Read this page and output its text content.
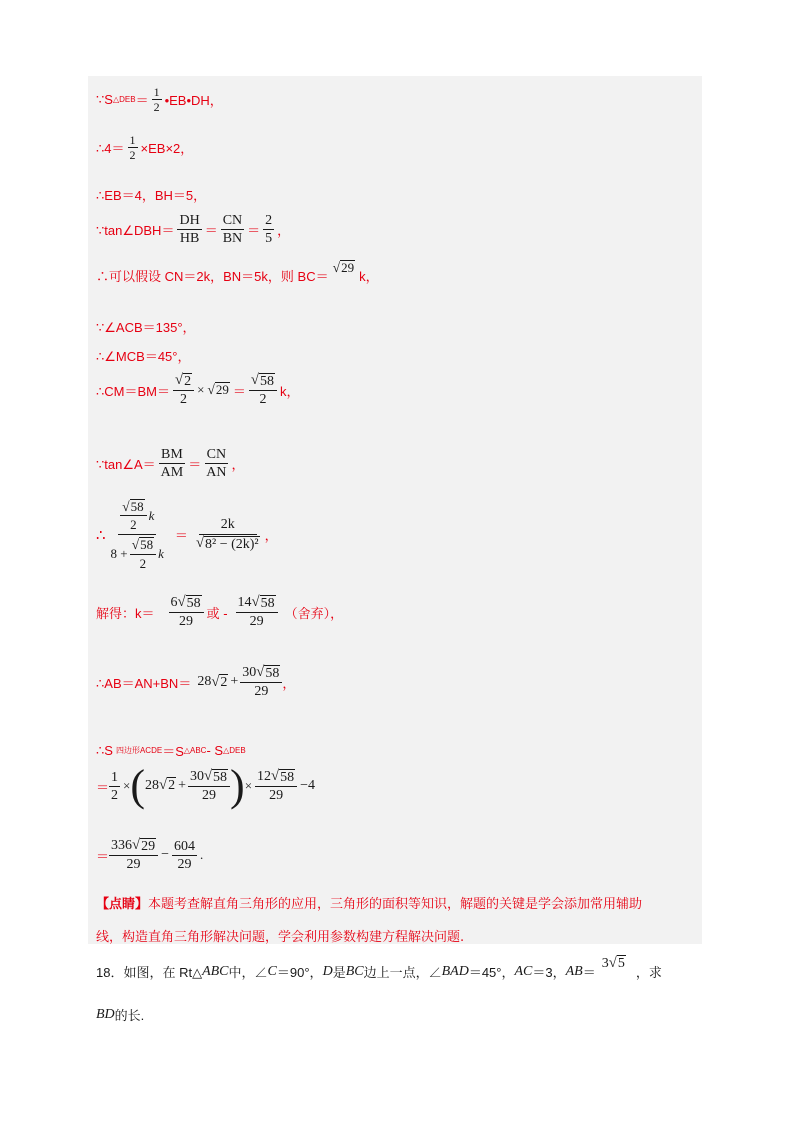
∵S △DEB ＝ $\frac{1}{2}$ •EB•DH，
∴4＝ $\frac{1}{2} \times EB\times 2$，
∴EB＝4，BH＝5，
∵tan∠DBH＝ $\frac{DH}{HB} = \frac{CN}{BN} = \frac{2}{5}$ ，
∴可以假设 CN＝2k，BN＝5k，则 BC＝
√ 29
k，
∵∠ACB＝135°，
∴∠MCB＝45°，
∴CM＝BM＝ $\frac{√ 2}{2}$ × √ $29 = \frac{√ 58}{2}$ k，
∵tan∠A＝ $\frac{BM}{AM} = \frac{CN}{AN}$ ，
∴ $\frac{\frac{√ 58}{2} k}{8 + \frac{√ 58}{2} k} = \frac{2k}{\text{√ 8² − (2k)²}}$ ，
解得：$k= \frac{6 √ 58}{29}$ 或 - $\frac{14 √ 58}{29}$ （舍弃），
∴AB＝AN+BN＝ 28 √ $2 + \frac{30 √ 58}{29}$ ，
∴S 四边形ACDE ＝S △ABC - S △DEB
＝ $\frac{1}{2}$ × ( 28 √ $2 + \frac{30 √ 58}{29}$ ) × $\frac{12 √ 58}{29} -4$
＝ $\frac{336 √ 29}{29} - \frac{604}{29}$ .
【点睛】 本题考查解直角三角形的应用，三角形的面积等知识，解题的关键是学会添加常用辅助
线，构造直角三角形解决问题，学会利用参数构建方程解决问题.
18．如图，在 Rt△ ABC 中，∠ C ＝90°， D 是 BC 边上一点，∠ BAD ＝45°， AC ＝3， AB ＝
3 √ 5
，求
BD 的长.
